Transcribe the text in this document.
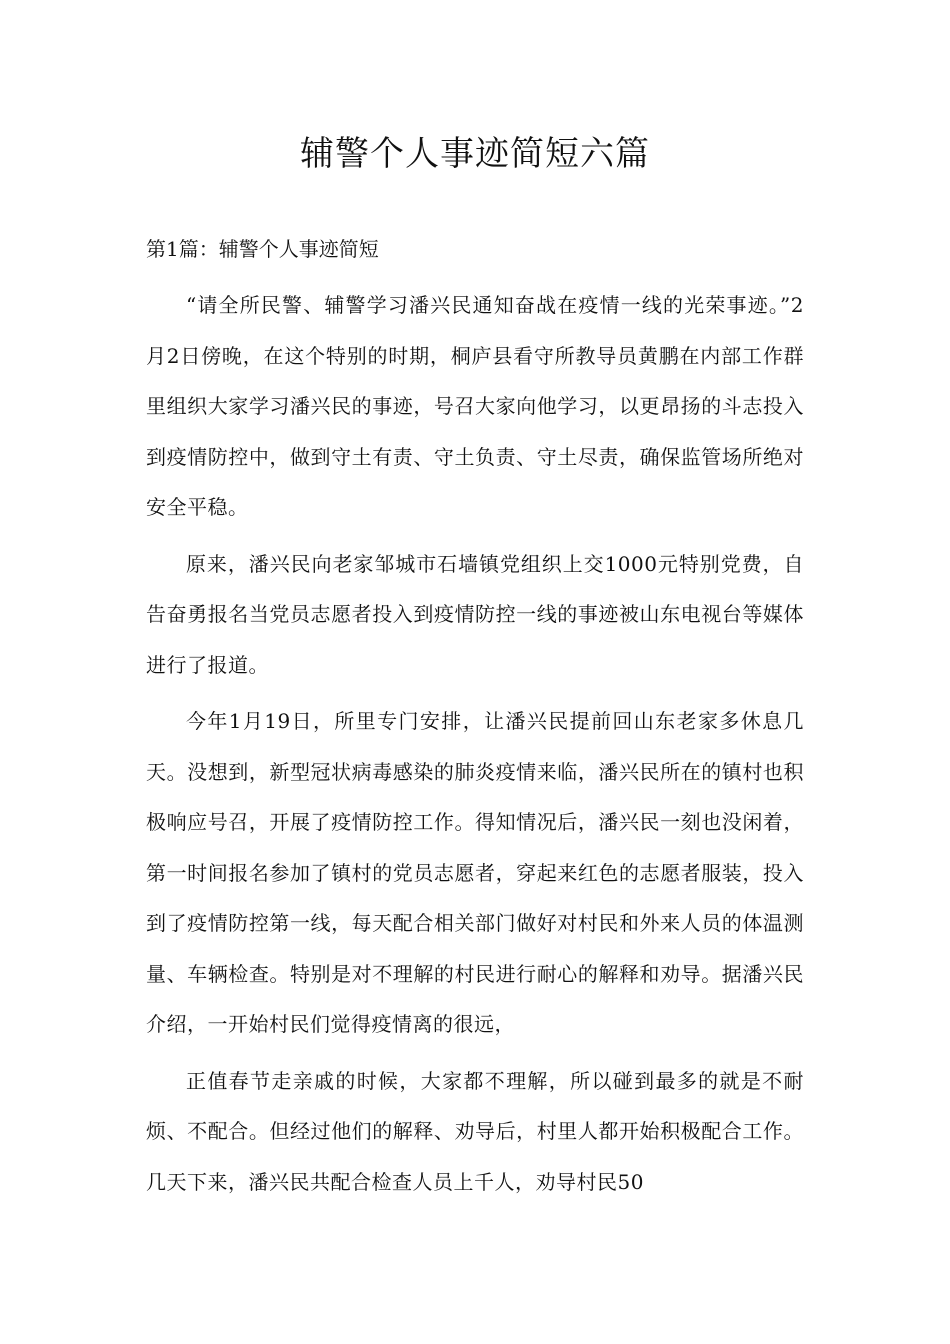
辅警个人事迹简短六篇
第1篇：辅警个人事迹简短

“请全所民警、辅警学习潘兴民通知奋战在疫情一线的光荣事迹。”2月2日傍晚，在这个特别的时期，桐庐县看守所教导员黄鹏在内部工作群里组织大家学习潘兴民的事迹，号召大家向他学习，以更昂扬的斗志投入到疫情防控中，做到守土有责、守土负责、守土尽责，确保监管场所绝对安全平稳。

原来，潘兴民向老家邹城市石墙镇党组织上交1000元特别党费，自告奋勇报名当党员志愿者投入到疫情防控一线的事迹被山东电视台等媒体进行了报道。

今年1月19日，所里专门安排，让潘兴民提前回山东老家多休息几天。没想到，新型冠状病毒感染的肺炎疫情来临，潘兴民所在的镇村也积极响应号召，开展了疫情防控工作。得知情况后，潘兴民一刻也没闲着，第一时间报名参加了镇村的党员志愿者，穿起来红色的志愿者服装，投入到了疫情防控第一线，每天配合相关部门做好对村民和外来人员的体温测量、车辆检查。特别是对不理解的村民进行耐心的解释和劝导。据潘兴民介绍，一开始村民们觉得疫情离的很远，

正值春节走亲戚的时候，大家都不理解，所以碰到最多的就是不耐烦、不配合。但经过他们的解释、劝导后，村里人都开始积极配合工作。几天下来，潘兴民共配合检查人员上千人，劝导村民50
